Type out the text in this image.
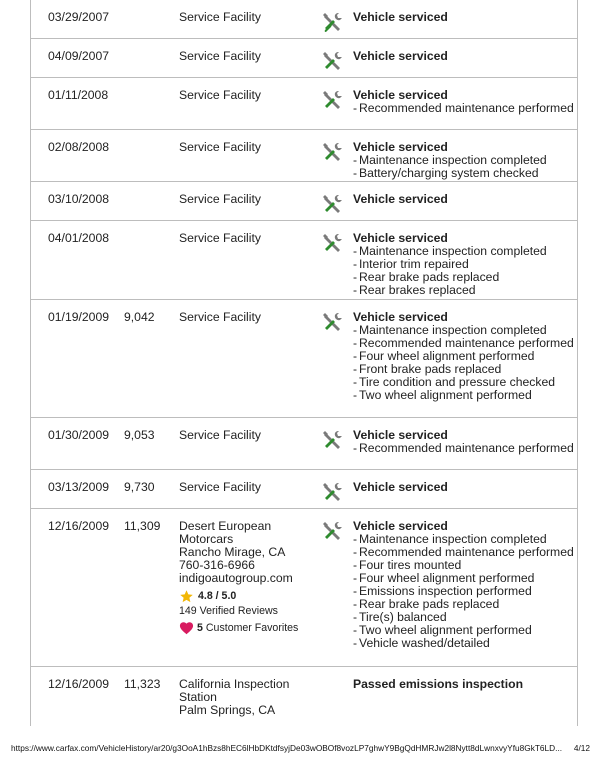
03/29/2007	Service Facility	Vehicle serviced
04/09/2007	Service Facility	Vehicle serviced
01/11/2008	Service Facility	Vehicle serviced
- Recommended maintenance performed
02/08/2008	Service Facility	Vehicle serviced
- Maintenance inspection completed
- Battery/charging system checked
03/10/2008	Service Facility	Vehicle serviced
04/01/2008	Service Facility	Vehicle serviced
- Maintenance inspection completed
- Interior trim repaired
- Rear brake pads replaced
- Rear brakes replaced
01/19/2009 9,042 Service Facility	Vehicle serviced
- Maintenance inspection completed
- Recommended maintenance performed
- Four wheel alignment performed
- Front brake pads replaced
- Tire condition and pressure checked
- Two wheel alignment performed
01/30/2009 9,053 Service Facility	Vehicle serviced
- Recommended maintenance performed
03/13/2009 9,730 Service Facility	Vehicle serviced
12/16/2009 11,309 Desert European Motorcars
Rancho Mirage, CA
760-316-6966
indigoautogroup.com
4.8 / 5.0
149 Verified Reviews
5 Customer Favorites
Vehicle serviced
- Maintenance inspection completed
- Recommended maintenance performed
- Four tires mounted
- Four wheel alignment performed
- Emissions inspection performed
- Rear brake pads replaced
- Tire(s) balanced
- Two wheel alignment performed
- Vehicle washed/detailed
12/16/2009 11,323 California Inspection Station
Palm Springs, CA
Passed emissions inspection
https://www.carfax.com/VehicleHistory/ar20/g3OoA1hBzs8hEC6lHbDKtdfsyjDe03wOBOf8vozLP7ghwY9BgQdHMRJw2l8Nytt8dLwnxvyYfu8GkT6LD... 4/12
